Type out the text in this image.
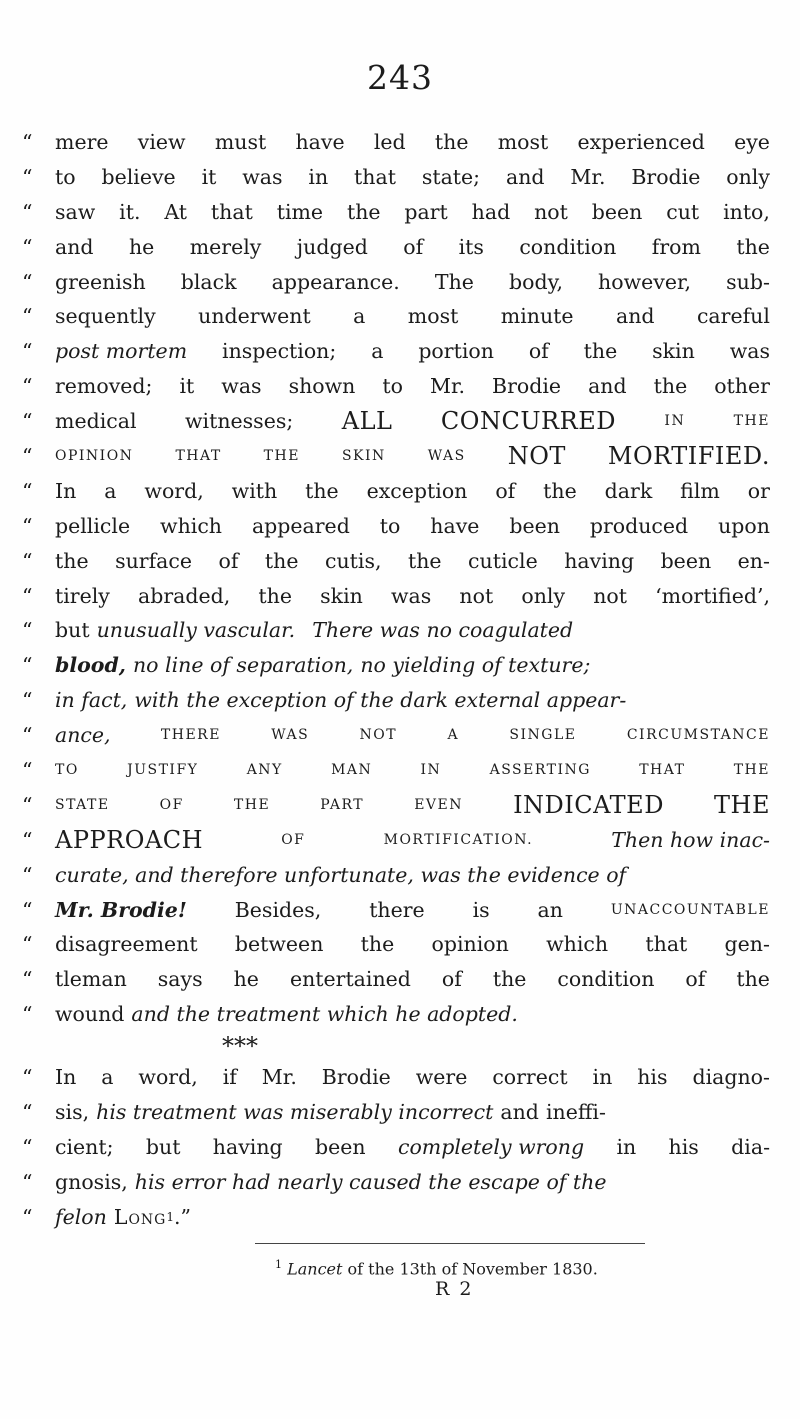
243
“	mere view must have led the most experienced eye
“	to believe it was in that state; and Mr. Brodie only
“	saw it. At that time the part had not been cut into,
“	and he merely judged of its condition from the
“	greenish black appearance. The body, however, sub-
“	sequently underwent a most minute and careful
“	post mortem inspection; a portion of the skin was
“	removed; it was shown to Mr. Brodie and the other
“	medical witnesses; ALL CONCURRED	IN	THE
“	OPINION	THAT	THE	SKIN	WAS NOT MORTIFIED.
“	In a word, with the exception of the dark film or
“	pellicle which appeared to have been produced upon
“	the surface of the cutis, the cuticle having been en-
“	tirely abraded, the skin was not only not ‘mortified’,
“	but unusually vascular. There was no coagulated
“	blood, no line of separation, no yielding of texture;
“	in fact, with the exception of the dark external appear-
“	ance,	THERE	WAS	NOT	A	SINGLE	CIRCUMSTANCE
“	TO	JUSTIFY	ANY	MAN	IN	ASSERTING	THAT	THE
“	STATE	OF	THE	PART	EVEN INDICATED THE
“ APPROACH	OF	MORTIFICATION.	Then how inac-
“	curate, and therefore unfortunate, was the evidence of
“	Mr. Brodie! Besides, there is an	UNACCOUNTABLE
“	disagreement between the opinion which that gen-
“	tleman says he entertained of the condition of the
“	wound and the treatment which he adopted.
* * *
“	In a word, if Mr. Brodie were correct in his diagno-
“	sis, his treatment was miserably incorrect and ineffi-
“	cient; but having been completely wrong in his dia-
“	gnosis, his error had nearly caused the escape of the
“	felon Long 1 .”
$^1$ Lancet of the 13th of November 1830.
R 2
